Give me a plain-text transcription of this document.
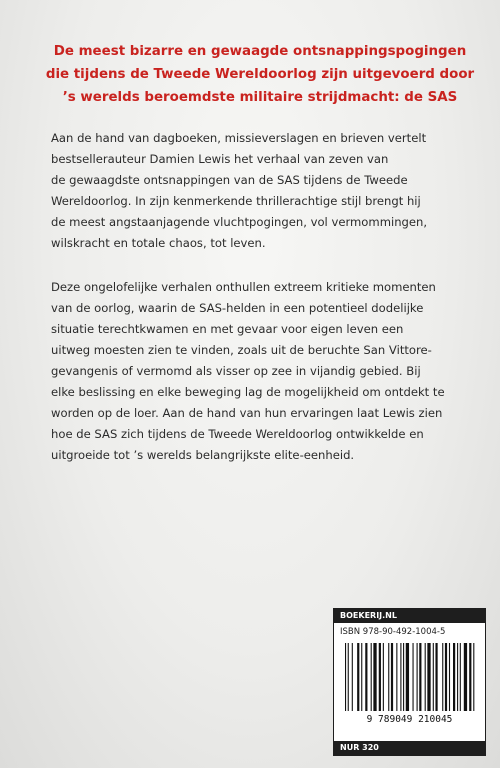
De meest bizarre en gewaagde ontsnappingspogingen
die tijdens de Tweede Wereldoorlog zijn uitgevoerd door
’s werelds beroemdste militaire strijdmacht: de SAS
Aan de hand van dagboeken, missieverslagen en brieven vertelt
bestsellerauteur Damien Lewis het verhaal van zeven van
de gewaagdste ontsnappingen van de SAS tijdens de Tweede
Wereldoorlog. In zijn kenmerkende thrillerachtige stijl brengt hij
de meest angstaanjagende vluchtpogingen, vol vermommingen,
wilskracht en totale chaos, tot leven.
Deze ongelofelijke verhalen onthullen extreem kritieke momenten
van de oorlog, waarin de SAS-helden in een potentieel dodelijke
situatie terechtkwamen en met gevaar voor eigen leven een
uitweg moesten zien te vinden, zoals uit de beruchte San Vittore-
gevangenis of vermomd als visser op zee in vijandig gebied. Bij
elke beslissing en elke beweging lag de mogelijkheid om ontdekt te
worden op de loer. Aan de hand van hun ervaringen laat Lewis zien
hoe de SAS zich tijdens de Tweede Wereldoorlog ontwikkelde en
uitgroeide tot ’s werelds belangrijkste elite-eenheid.
BOEKERIJ.NL
ISBN 978-90-492-1004-5
9 789049 210045
NUR 320
